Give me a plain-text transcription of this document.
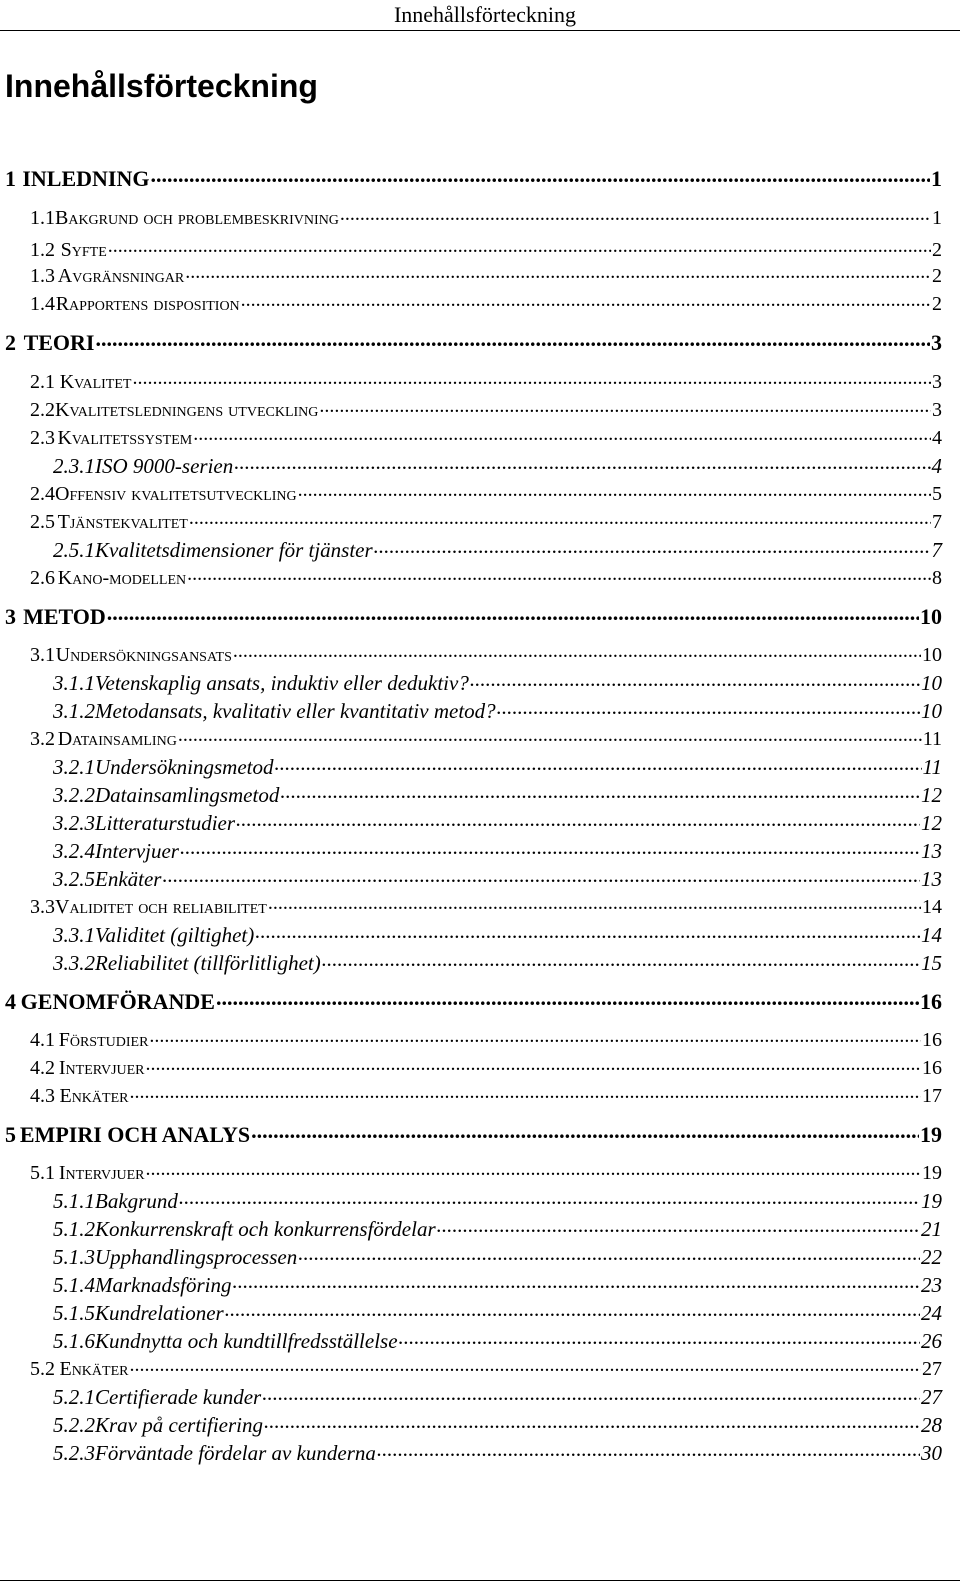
Innehållsförteckning
Innehållsförteckning
1 INLEDNING .....	1
1.1 Bakgrund och problembeskrivning .....	1
1.2 Syfte .....	2
1.3 Avgränsningar .....	2
1.4 Rapportens disposition .....	2
2 TEORI .....	3
2.1 Kvalitet .....	3
2.2 Kvalitetsledningens utveckling .....	3
2.3 Kvalitetssystem .....	4
2.3.1 ISO 9000-serien .....	4
2.4 Offensiv kvalitetsutveckling .....	5
2.5 Tjänstekvalitet .....	7
2.5.1 Kvalitetsdimensioner för tjänster .....	7
2.6 Kano-modellen .....	8
3 METOD .....	10
3.1 Undersökningsansats .....	10
3.1.1 Vetenskaplig ansats, induktiv eller deduktiv? .....	10
3.1.2 Metodansats, kvalitativ eller kvantitativ metod? .....	10
3.2 Datainsamling .....	11
3.2.1 Undersökningsmetod .....	11
3.2.2 Datainsamlingsmetod .....	12
3.2.3 Litteraturstudier .....	12
3.2.4 Intervjuer .....	13
3.2.5 Enkäter .....	13
3.3 Validitet och reliabilitet .....	14
3.3.1 Validitet (giltighet) .....	14
3.3.2 Reliabilitet (tillförlitlighet) .....	15
4 GENOMFÖRANDE .....	16
4.1 Förstudier .....	16
4.2 Intervjuer .....	16
4.3 Enkäter .....	17
5 EMPIRI OCH ANALYS .....	19
5.1 Intervjuer .....	19
5.1.1 Bakgrund .....	19
5.1.2 Konkurrenskraft och konkurrensfördelar .....	21
5.1.3 Upphandlingsprocessen .....	22
5.1.4 Marknadsföring .....	23
5.1.5 Kundrelationer .....	24
5.1.6 Kundnytta och kundtillfredsställelse .....	26
5.2 Enkäter .....	27
5.2.1 Certifierade kunder .....	27
5.2.2 Krav på certifiering .....	28
5.2.3 Förväntade fördelar av kunderna .....	30
